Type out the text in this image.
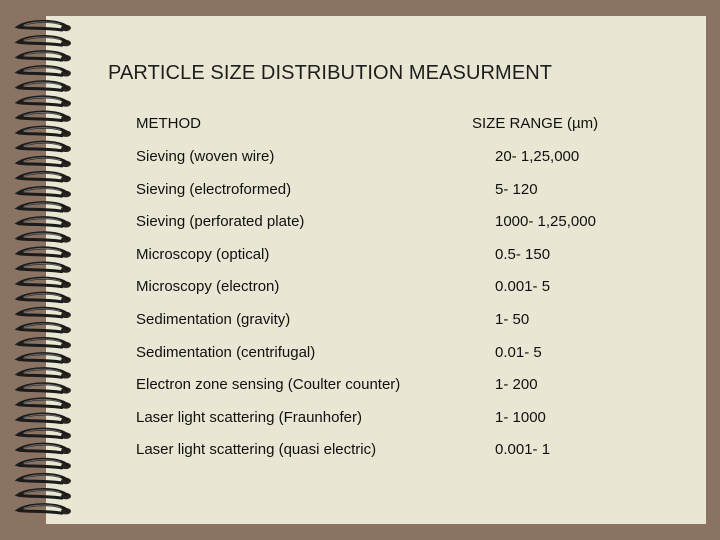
PARTICLE SIZE DISTRIBUTION MEASURMENT
METHOD	SIZE RANGE (µm)
Sieving (woven wire)	20- 1,25,000
Sieving (electroformed)	5- 120
Sieving (perforated plate)	1000- 1,25,000
Microscopy (optical)	0.5- 150
Microscopy (electron)	0.001- 5
Sedimentation (gravity)	1- 50
Sedimentation (centrifugal)	0.01- 5
Electron zone sensing (Coulter counter)	1- 200
Laser light scattering (Fraunhofer)	1- 1000
Laser light scattering (quasi electric)	0.001- 1
